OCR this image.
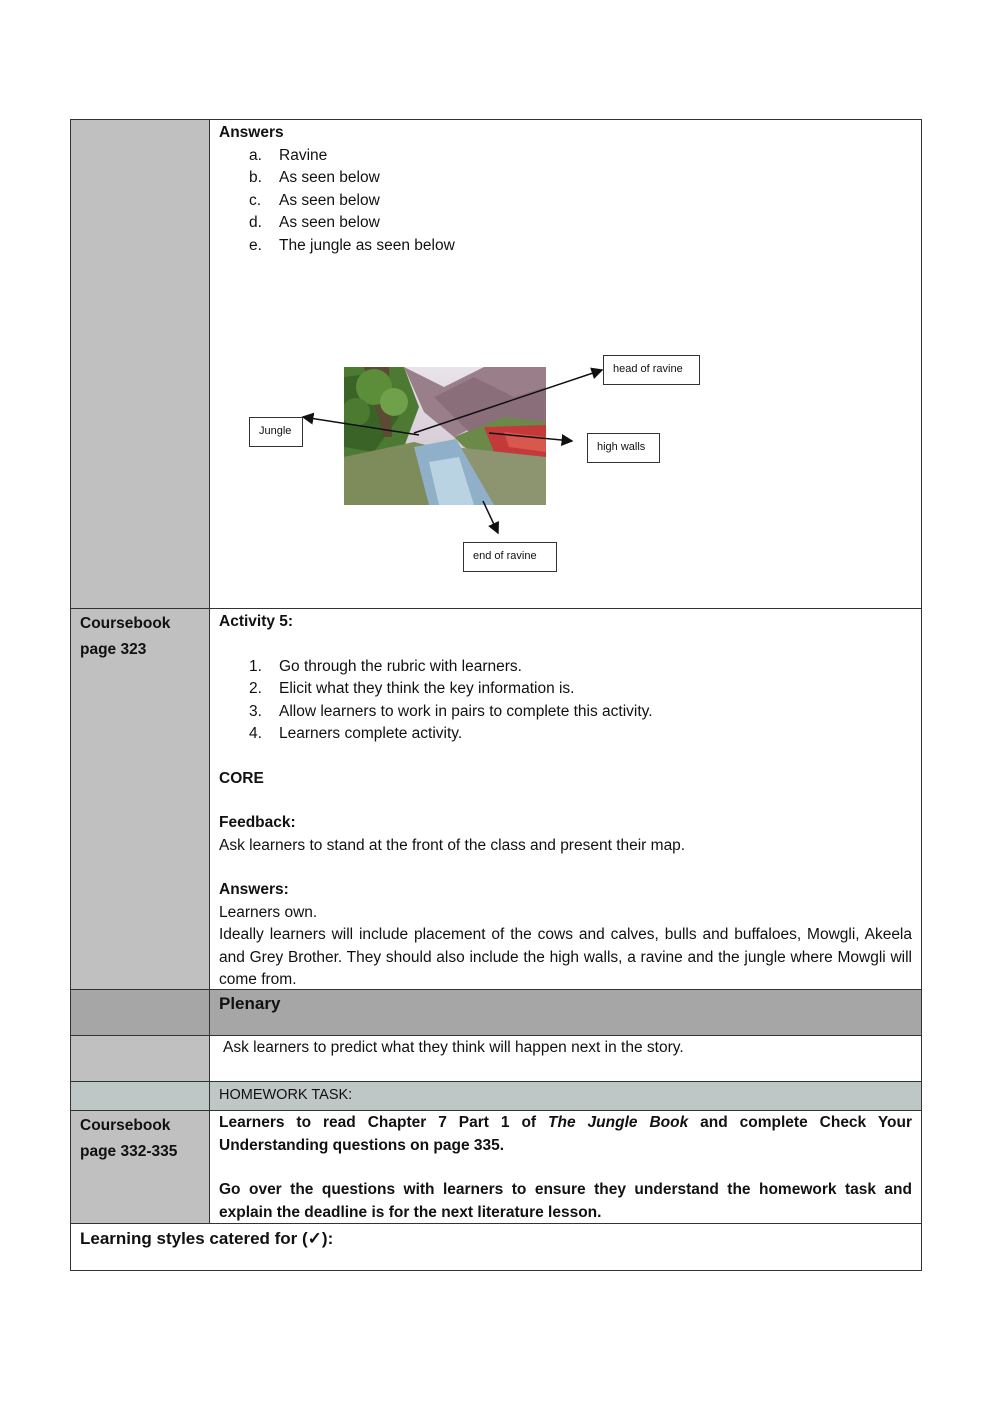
Answers
a. Ravine
b. As seen below
c. As seen below
d. As seen below
e. The jungle as seen below
head of ravine
Jungle
high walls
end of ravine
Coursebook
page 323
Activity 5:
1. Go through the rubric with learners.
2. Elicit what they think the key information is.
3. Allow learners to work in pairs to complete this activity.
4. Learners complete activity.
CORE
Feedback:
Ask learners to stand at the front of the class and present their map.
Answers:
Learners own.
Ideally learners will include placement of the cows and calves, bulls and buffaloes, Mowgli, Akeela and Grey Brother. They should also include the high walls, a ravine and the jungle where Mowgli will come from.
Plenary
Ask learners to predict what they think will happen next in the story.
HOMEWORK TASK:
Coursebook
page 332-335
Learners to read Chapter 7 Part 1 of The Jungle Book and complete Check Your Understanding questions on page 335.
Go over the questions with learners to ensure they understand the homework task and explain the deadline is for the next literature lesson.
Learning styles catered for (✓):
